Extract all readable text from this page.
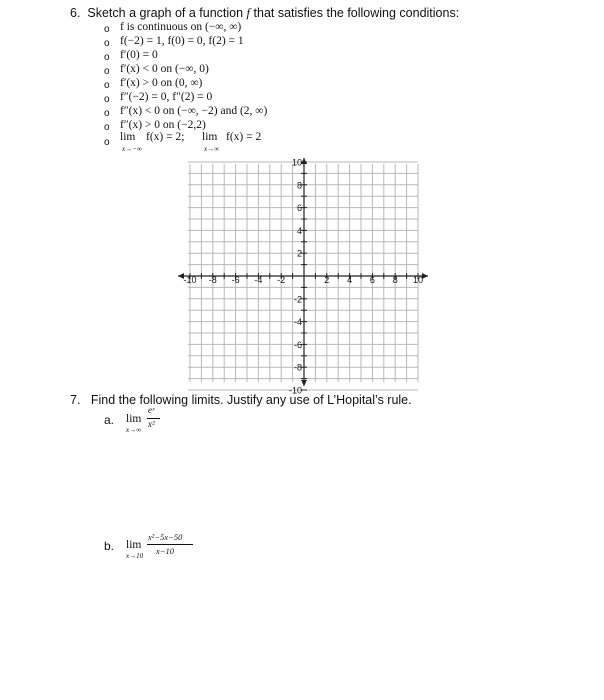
6. Sketch a graph of a function f that satisfies the following conditions:
o f is continuous on (−∞, ∞)
o f(−2) = 1, f(0) = 0, f(2) = 1
o f′(0) = 0
o f′(x) < 0 on (−∞, 0)
o f′(x) > 0 on (0, ∞)
o f″(−2) = 0, f″(2) = 0
o f″(x) < 0 on (−∞, −2) and (2, ∞)
o f″(x) > 0 on (−2,2)
o lim
x→−∞
f(x) = 2; lim
x→∞
f(x) = 2
-10 -8 -6 -4 -2	2 4 6 8 10
10
8
6
4
2
-2
-4
-6
-8
-10
7. Find the following limits. Justify any use of L’Hopital’s rule.
a. lim
x→∞
eˣ
x²
b. lim
x→10
x²−5x−50
x−10
